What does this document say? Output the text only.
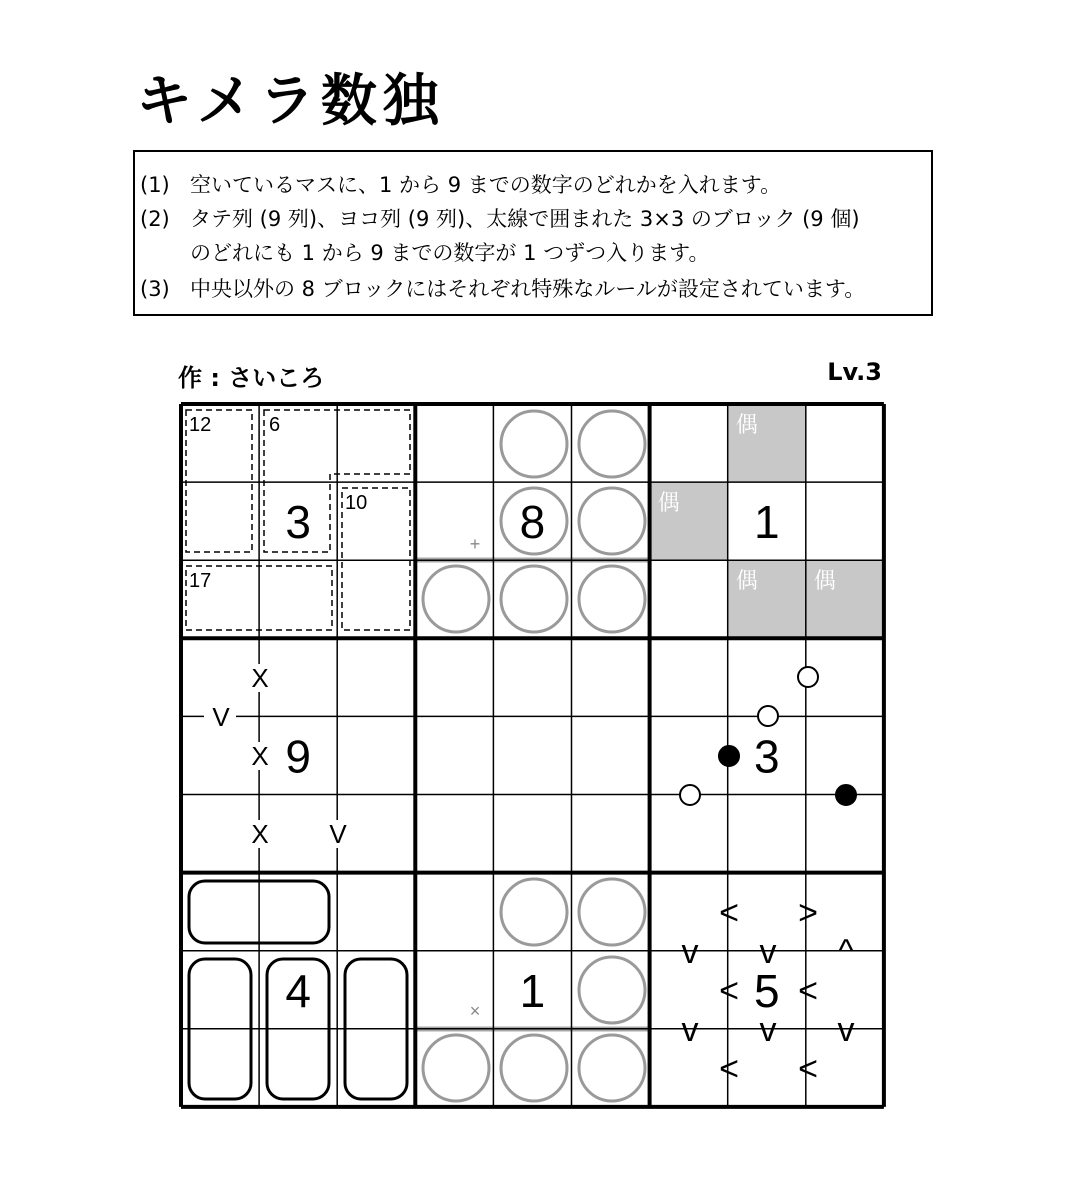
キメラ数独
(1) 空いているマスに、1 から 9 までの数字のどれかを入れます。
(2) タテ列 (9 列)、ヨコ列 (9 列)、太線で囲まれた 3×3 のブロック (9 個)
のどれにも 1 から 9 までの数字が 1 つずつ入ります。
(3) 中央以外の 8 ブロックにはそれぞれ特殊なルールが設定されています。
作 : さいころ	Lv.3
偶
偶
偶	偶
12	6
10
17
X
V
X
X V
+
×
< >
v v ^
< <
v v v
< <
3	8	1
9	3
4	1	5
